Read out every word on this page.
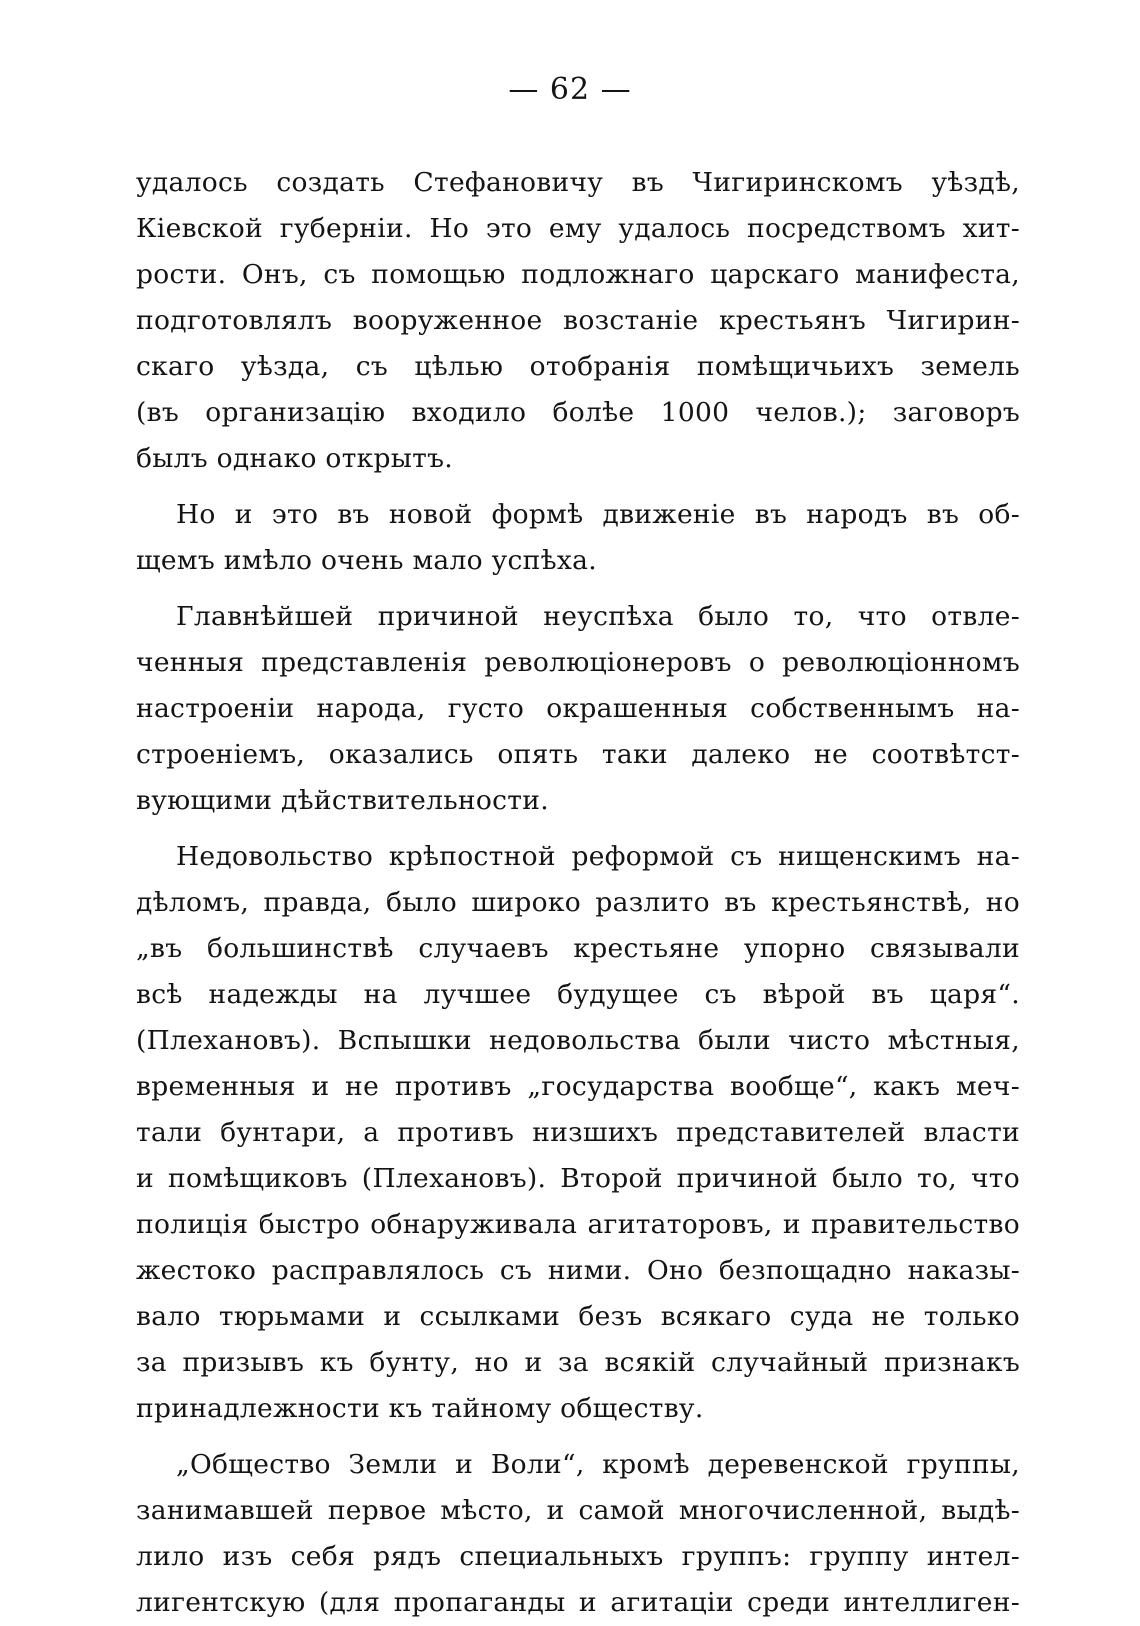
— 62 —
удалось создать Стефановичу въ Чигиринскомъ уѣздѣ,
Кіевской губерніи. Но это ему удалось посредствомъ хит-
рости. Онъ, съ помощью подложнаго царскаго манифеста,
подготовлялъ вооруженное возстаніе крестьянъ Чигирин-
скаго уѣзда, съ цѣлью отобранія помѣщичьихъ земель
(въ организацію входило болѣе 1000 челов.); заговоръ
былъ однако открытъ.
Но и это въ новой формѣ движеніе въ народъ въ об-
щемъ имѣло очень мало успѣха.
Главнѣйшей причиной неуспѣха было то, что отвле-
ченныя представленія революціонеровъ о революціонномъ
настроеніи народа, густо окрашенныя собственнымъ на-
строеніемъ, оказались опять таки далеко не соотвѣтст-
вующими дѣйствительности.
Недовольство крѣпостной реформой съ нищенскимъ на-
дѣломъ, правда, было широко разлито въ крестьянствѣ, но
„въ большинствѣ случаевъ крестьяне упорно связывали
всѣ надежды на лучшее будущее съ вѣрой въ царя“.
(Плехановъ). Вспышки недовольства были чисто мѣстныя,
временныя и не противъ „государства вообще“, какъ меч-
тали бунтари, а противъ низшихъ представителей власти
и помѣщиковъ (Плехановъ). Второй причиной было то, что
полиція быстро обнаруживала агитаторовъ, и правительство
жестоко расправлялось съ ними. Оно безпощадно наказы-
вало тюрьмами и ссылками безъ всякаго суда не только
за призывъ къ бунту, но и за всякій случайный признакъ
принадлежности къ тайному обществу.
„Общество Земли и Воли“, кромѣ деревенской группы,
занимавшей первое мѣсто, и самой многочисленной, выдѣ-
лило изъ себя рядъ специальныхъ группъ: группу интел-
лигентскую (для пропаганды и агитаціи среди интеллиген-
